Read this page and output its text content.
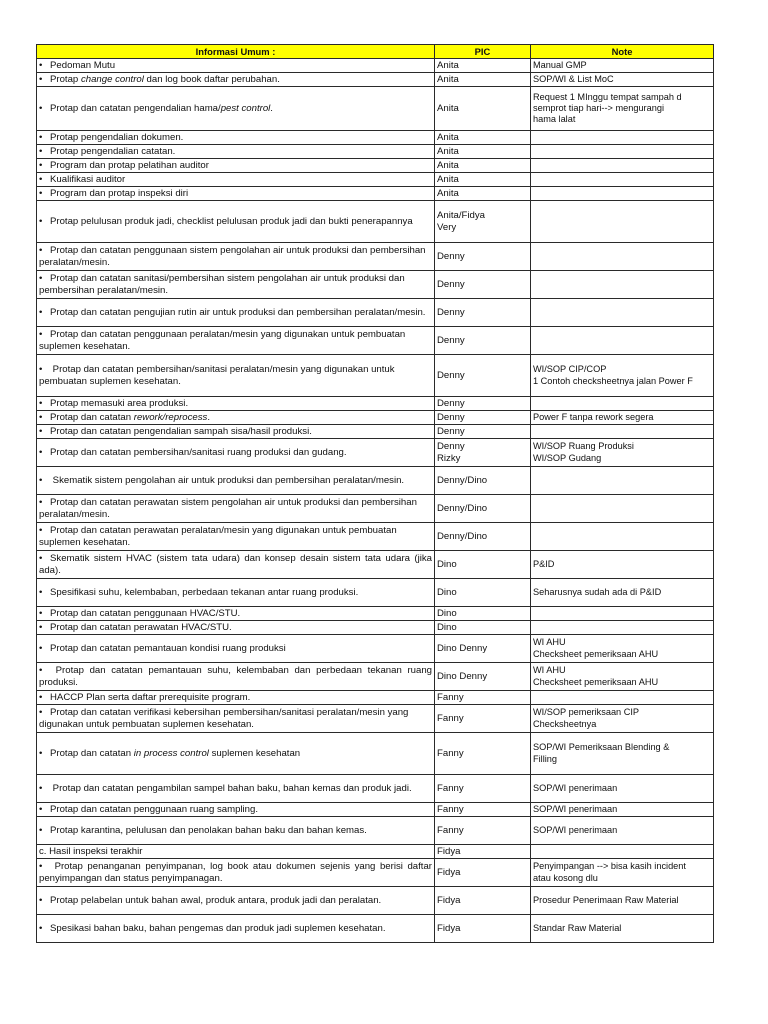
Informasi Umum :	PIC	Note
• Pedoman Mutu	Anita	Manual GMP

• Protap change control dan log book daftar perubahan.	Anita	SOP/WI & List MoC

• Protap dan catatan pengendalian hama/pest control.	Anita	Request 1 MInggu tempat sampah d
semprot tiap hari--> mengurangi
hama lalat

• Protap pengendalian dokumen.	Anita	

• Protap pengendalian catatan.	Anita	

• Program dan protap pelatihan auditor	Anita	

• Kualifikasi auditor	Anita	

• Program dan protap inspeksi diri	Anita	

• Protap pelulusan produk jadi, checklist pelulusan produk jadi dan bukti penerapannya	Anita/Fidya
Very	

• Protap dan catatan penggunaan sistem pengolahan air untuk produksi dan pembersihan peralatan/mesin.	Denny	

• Protap dan catatan sanitasi/pembersihan sistem pengolahan air untuk produksi dan pembersihan peralatan/mesin.	Denny	

• Protap dan catatan pengujian rutin air untuk produksi dan pembersihan peralatan/mesin.	Denny	

• Protap dan catatan penggunaan peralatan/mesin yang digunakan untuk pembuatan suplemen kesehatan.	Denny	

• Protap dan catatan pembersihan/sanitasi peralatan/mesin yang digunakan untuk pembuatan suplemen kesehatan.	Denny	WI/SOP CIP/COP
1 Contoh checksheetnya jalan Power F

• Protap memasuki area produksi.	Denny	

• Protap dan catatan rework/reprocess.	Denny	Power F tanpa rework segera

• Protap dan catatan pengendalian sampah sisa/hasil produksi.	Denny	

• Protap dan catatan pembersihan/sanitasi ruang produksi dan gudang.	Denny
Rizky	WI/SOP Ruang Produksi
WI/SOP Gudang

• Skematik sistem pengolahan air untuk produksi dan pembersihan peralatan/mesin.	Denny/Dino	

• Protap dan catatan perawatan sistem pengolahan air untuk produksi dan pembersihan peralatan/mesin.	Denny/Dino	

• Protap dan catatan perawatan peralatan/mesin yang digunakan untuk pembuatan suplemen kesehatan.	Denny/Dino	

• Skematik sistem HVAC (sistem tata udara) dan konsep desain sistem tata udara (jika ada).	Dino	P&ID

• Spesifikasi suhu, kelembaban, perbedaan tekanan antar ruang produksi.	Dino	Seharusnya sudah ada di P&ID

• Protap dan catatan penggunaan HVAC/STU.	Dino	

• Protap dan catatan perawatan HVAC/STU.	Dino	

• Protap dan catatan pemantauan kondisi ruang produksi	Dino Denny	WI AHU
Checksheet pemeriksaan AHU

• Protap dan catatan pemantauan suhu, kelembaban dan perbedaan tekanan ruang produksi.	Dino Denny	WI AHU
Checksheet pemeriksaan AHU

• HACCP Plan serta daftar prerequisite program.	Fanny	

• Protap dan catatan verifikasi kebersihan pembersihan/sanitasi peralatan/mesin yang digunakan untuk pembuatan suplemen kesehatan.	Fanny	WI/SOP pemeriksaan CIP
Checksheetnya

• Protap dan catatan in process control suplemen kesehatan	Fanny	SOP/WI Pemeriksaan Blending &
Filling

• Protap dan catatan pengambilan sampel bahan baku, bahan kemas dan produk jadi.	Fanny	SOP/WI penerimaan

• Protap dan catatan penggunaan ruang sampling.	Fanny	SOP/WI penerimaan

• Protap karantina, pelulusan dan penolakan bahan baku dan bahan kemas.	Fanny	SOP/WI penerimaan

c. Hasil inspeksi terakhir	Fidya	

• Protap penanganan penyimpanan, log book atau dokumen sejenis yang berisi daftar penyimpangan dan status penyimpanagan.	Fidya	Penyimpangan --> bisa kasih incident
atau kosong dlu

• Protap pelabelan untuk bahan awal, produk antara, produk jadi dan peralatan.	Fidya	Prosedur Penerimaan Raw Material

• Spesikasi bahan baku, bahan pengemas dan produk jadi suplemen kesehatan.	Fidya	Standar Raw Material
